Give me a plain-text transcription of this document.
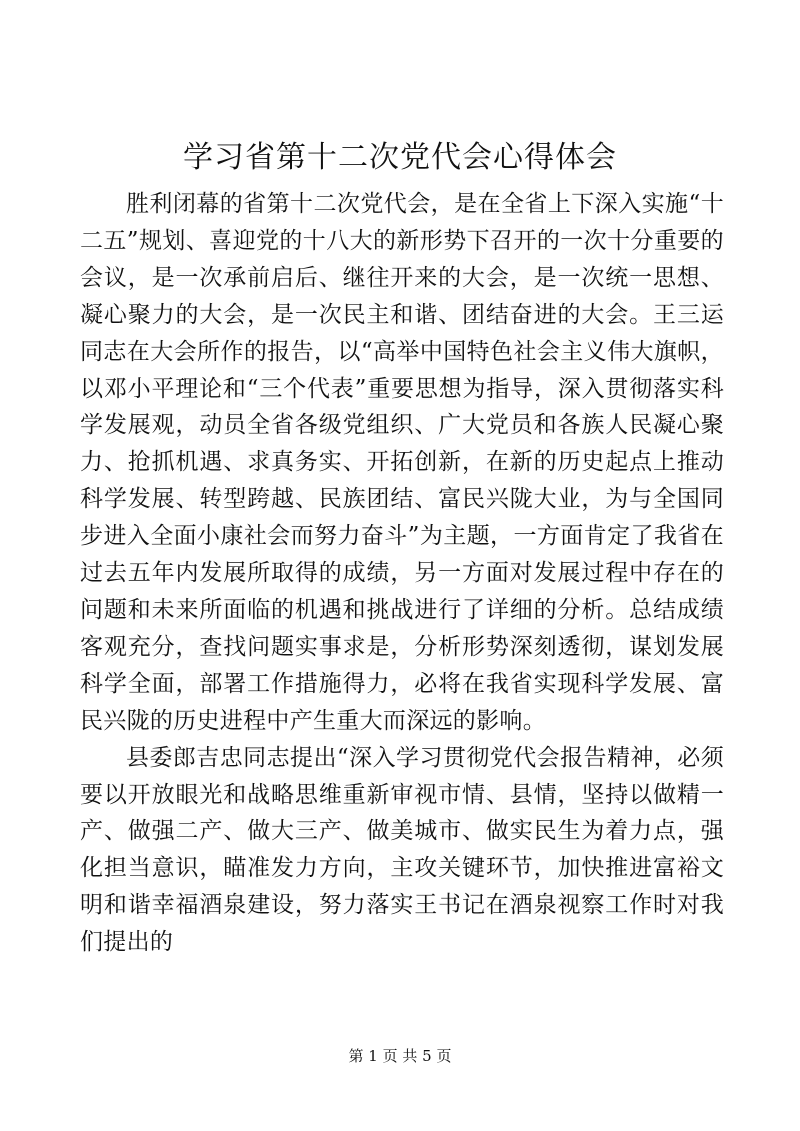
学习省第十二次党代会心得体会

胜利闭幕的省第十二次党代会，是在全省上下深入实施“十二五”规划、喜迎党的十八大的新形势下召开的一次十分重要的会议，是一次承前启后、继往开来的大会，是一次统一思想、凝心聚力的大会，是一次民主和谐、团结奋进的大会。王三运同志在大会所作的报告，以“高举中国特色社会主义伟大旗帜，以邓小平理论和“三个代表”重要思想为指导，深入贯彻落实科学发展观，动员全省各级党组织、广大党员和各族人民凝心聚力、抢抓机遇、求真务实、开拓创新，在新的历史起点上推动科学发展、转型跨越、民族团结、富民兴陇大业，为与全国同步进入全面小康社会而努力奋斗”为主题，一方面肯定了我省在过去五年内发展所取得的成绩，另一方面对发展过程中存在的问题和未来所面临的机遇和挑战进行了详细的分析。总结成绩客观充分，查找问题实事求是，分析形势深刻透彻，谋划发展科学全面，部署工作措施得力，必将在我省实现科学发展、富民兴陇的历史进程中产生重大而深远的影响。

县委郎吉忠同志提出“深入学习贯彻党代会报告精神，必须要以开放眼光和战略思维重新审视市情、县情，坚持以做精一产、做强二产、做大三产、做美城市、做实民生为着力点，强化担当意识，瞄准发力方向，主攻关键环节，加快推进富裕文明和谐幸福酒泉建设，努力落实王书记在酒泉视察工作时对我们提出的

第 1 页 共 5 页
